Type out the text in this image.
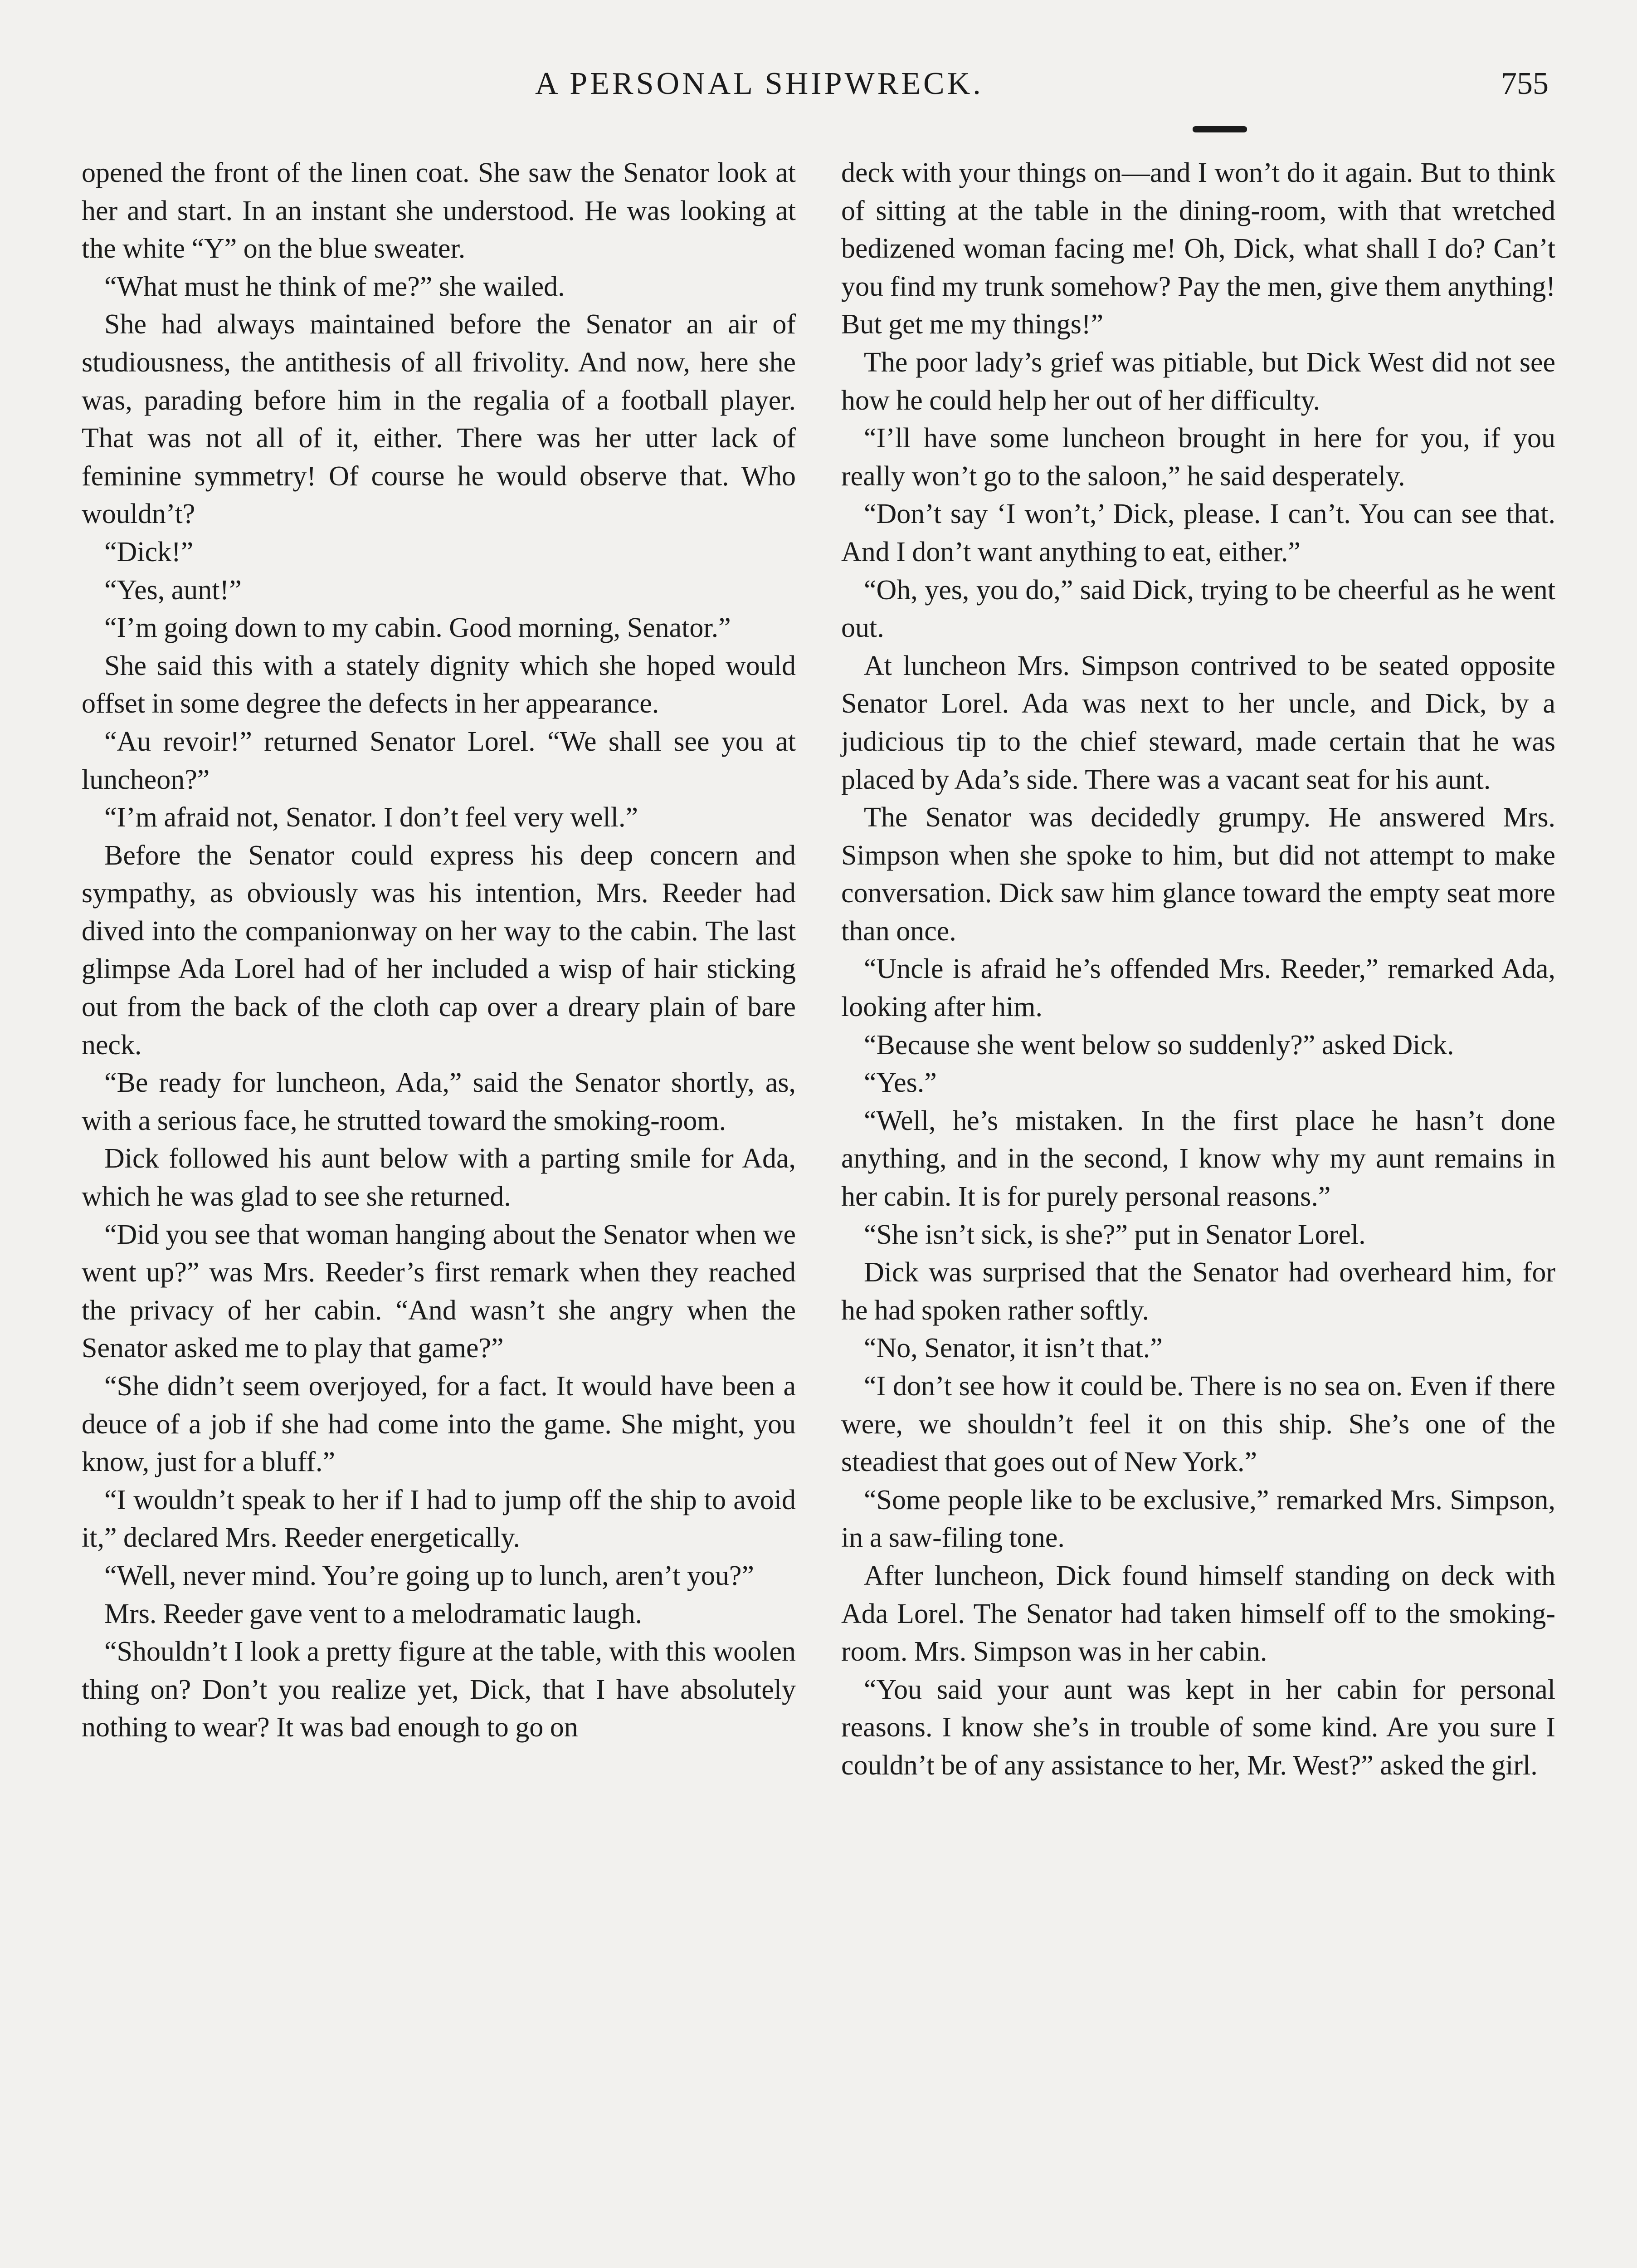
A PERSONAL SHIPWRECK.	755

opened the front of the linen coat. She saw the Senator look at her and start. In an instant she understood. He was looking at the white “Y” on the blue sweater.

“What must he think of me?” she wailed.

She had always maintained before the Senator an air of studiousness, the antithesis of all frivolity. And now, here she was, parading before him in the regalia of a football player. That was not all of it, either. There was her utter lack of feminine symmetry! Of course he would observe that. Who wouldn’t?

“Dick!”

“Yes, aunt!”

“I’m going down to my cabin. Good morning, Senator.”

She said this with a stately dignity which she hoped would offset in some degree the defects in her appearance.

“Au revoir!” returned Senator Lorel. “We shall see you at luncheon?”

“I’m afraid not, Senator. I don’t feel very well.”

Before the Senator could express his deep concern and sympathy, as obviously was his intention, Mrs. Reeder had dived into the companionway on her way to the cabin. The last glimpse Ada Lorel had of her included a wisp of hair sticking out from the back of the cloth cap over a dreary plain of bare neck.

“Be ready for luncheon, Ada,” said the Senator shortly, as, with a serious face, he strutted toward the smoking-room.

Dick followed his aunt below with a parting smile for Ada, which he was glad to see she returned.

“Did you see that woman hanging about the Senator when we went up?” was Mrs. Reeder’s first remark when they reached the privacy of her cabin. “And wasn’t she angry when the Senator asked me to play that game?”

“She didn’t seem overjoyed, for a fact. It would have been a deuce of a job if she had come into the game. She might, you know, just for a bluff.”

“I wouldn’t speak to her if I had to jump off the ship to avoid it,” declared Mrs. Reeder energetically.

“Well, never mind. You’re going up to lunch, aren’t you?”

Mrs. Reeder gave vent to a melodramatic laugh.

“Shouldn’t I look a pretty figure at the table, with this woolen thing on? Don’t you realize yet, Dick, that I have absolutely nothing to wear? It was bad enough to go on

deck with your things on—and I won’t do it again. But to think of sitting at the table in the dining-room, with that wretched bedizened woman facing me! Oh, Dick, what shall I do? Can’t you find my trunk somehow? Pay the men, give them anything! But get me my things!”

The poor lady’s grief was pitiable, but Dick West did not see how he could help her out of her difficulty.

“I’ll have some luncheon brought in here for you, if you really won’t go to the saloon,” he said desperately.

“Don’t say ‘I won’t,’ Dick, please. I can’t. You can see that. And I don’t want anything to eat, either.”

“Oh, yes, you do,” said Dick, trying to be cheerful as he went out.

At luncheon Mrs. Simpson contrived to be seated opposite Senator Lorel. Ada was next to her uncle, and Dick, by a judicious tip to the chief steward, made certain that he was placed by Ada’s side. There was a vacant seat for his aunt.

The Senator was decidedly grumpy. He answered Mrs. Simpson when she spoke to him, but did not attempt to make conversation. Dick saw him glance toward the empty seat more than once.

“Uncle is afraid he’s offended Mrs. Reeder,” remarked Ada, looking after him.

“Because she went below so suddenly?” asked Dick.

“Yes.”

“Well, he’s mistaken. In the first place he hasn’t done anything, and in the second, I know why my aunt remains in her cabin. It is for purely personal reasons.”

“She isn’t sick, is she?” put in Senator Lorel.

Dick was surprised that the Senator had overheard him, for he had spoken rather softly.

“No, Senator, it isn’t that.”

“I don’t see how it could be. There is no sea on. Even if there were, we shouldn’t feel it on this ship. She’s one of the steadiest that goes out of New York.”

“Some people like to be exclusive,” remarked Mrs. Simpson, in a saw-filing tone.

After luncheon, Dick found himself standing on deck with Ada Lorel. The Senator had taken himself off to the smoking-room. Mrs. Simpson was in her cabin.

“You said your aunt was kept in her cabin for personal reasons. I know she’s in trouble of some kind. Are you sure I couldn’t be of any assistance to her, Mr. West?” asked the girl.
